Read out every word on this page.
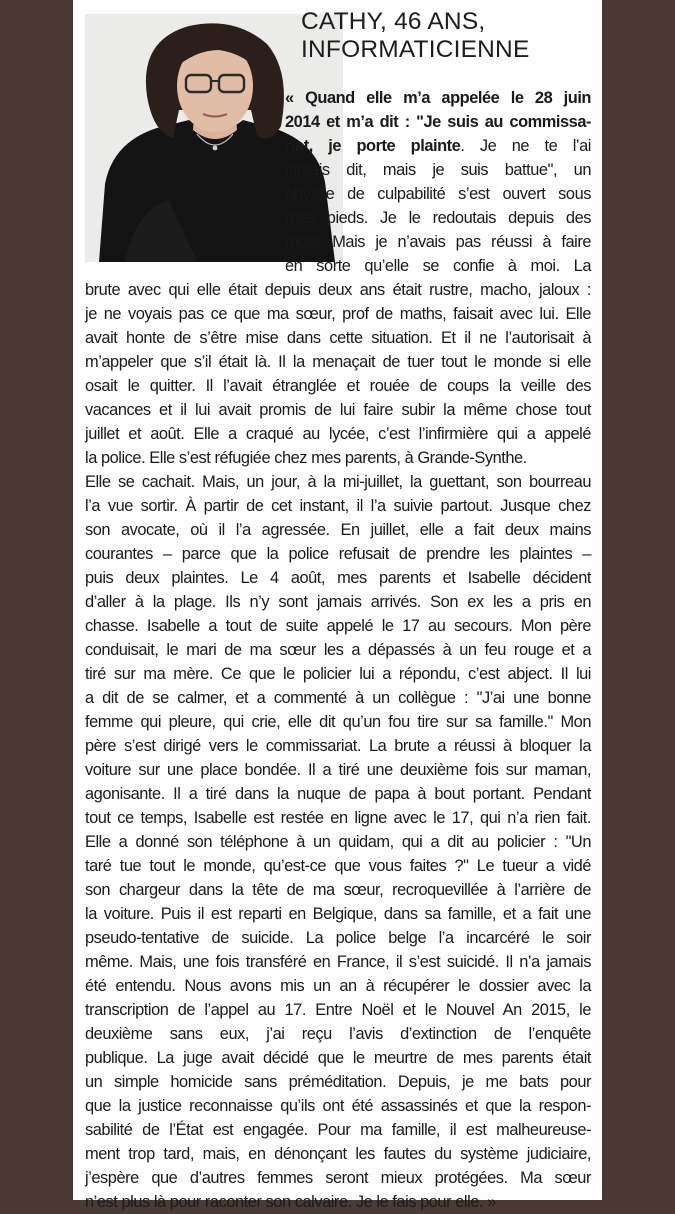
CATHY, 46 ANS,
INFORMATICIENNE
« Quand elle m’a appelée le 28 juin
2014 et m’a dit : "Je suis au commissa-
riat, je porte plainte. Je ne te l’ai
jamais dit, mais je suis battue", un
abysse de culpabilité s’est ouvert sous
mes pieds. Je le redoutais depuis des
mois. Mais je n’avais pas réussi à faire
en sorte qu’elle se confie à moi. La
brute avec qui elle était depuis deux ans était rustre, macho, jaloux :
je ne voyais pas ce que ma sœur, prof de maths, faisait avec lui. Elle
avait honte de s’être mise dans cette situation. Et il ne l’autorisait à
m’appeler que s’il était là. Il la menaçait de tuer tout le monde si elle
osait le quitter. Il l’avait étranglée et rouée de coups la veille des
vacances et il lui avait promis de lui faire subir la même chose tout
juillet et août. Elle a craqué au lycée, c’est l’infirmière qui a appelé
la police. Elle s’est réfugiée chez mes parents, à Grande-Synthe.
Elle se cachait. Mais, un jour, à la mi-juillet, la guettant, son bourreau
l’a vue sortir. À partir de cet instant, il l’a suivie partout. Jusque chez
son avocate, où il l’a agressée. En juillet, elle a fait deux mains
courantes – parce que la police refusait de prendre les plaintes –
puis deux plaintes. Le 4 août, mes parents et Isabelle décident
d’aller à la plage. Ils n’y sont jamais arrivés. Son ex les a pris en
chasse. Isabelle a tout de suite appelé le 17 au secours. Mon père
conduisait, le mari de ma sœur les a dépassés à un feu rouge et a
tiré sur ma mère. Ce que le policier lui a répondu, c’est abject. Il lui
a dit de se calmer, et a commenté à un collègue : "J’ai une bonne
femme qui pleure, qui crie, elle dit qu’un fou tire sur sa famille." Mon
père s’est dirigé vers le commissariat. La brute a réussi à bloquer la
voiture sur une place bondée. Il a tiré une deuxième fois sur maman,
agonisante. Il a tiré dans la nuque de papa à bout portant. Pendant
tout ce temps, Isabelle est restée en ligne avec le 17, qui n’a rien fait.
Elle a donné son téléphone à un quidam, qui a dit au policier : "Un
taré tue tout le monde, qu’est-ce que vous faites ?" Le tueur a vidé
son chargeur dans la tête de ma sœur, recroquevillée à l’arrière de
la voiture. Puis il est reparti en Belgique, dans sa famille, et a fait une
pseudo-tentative de suicide. La police belge l’a incarcéré le soir
même. Mais, une fois transféré en France, il s’est suicidé. Il n’a jamais
été entendu. Nous avons mis un an à récupérer le dossier avec la
transcription de l’appel au 17. Entre Noël et le Nouvel An 2015, le
deuxième sans eux, j’ai reçu l’avis d’extinction de l’enquête
publique. La juge avait décidé que le meurtre de mes parents était
un simple homicide sans préméditation. Depuis, je me bats pour
que la justice reconnaisse qu’ils ont été assassinés et que la respon-
sabilité de l’État est engagée. Pour ma famille, il est malheureuse-
ment trop tard, mais, en dénonçant les fautes du système judiciaire,
j’espère que d’autres femmes seront mieux protégées. Ma sœur
n’est plus là pour raconter son calvaire. Je le fais pour elle. »
